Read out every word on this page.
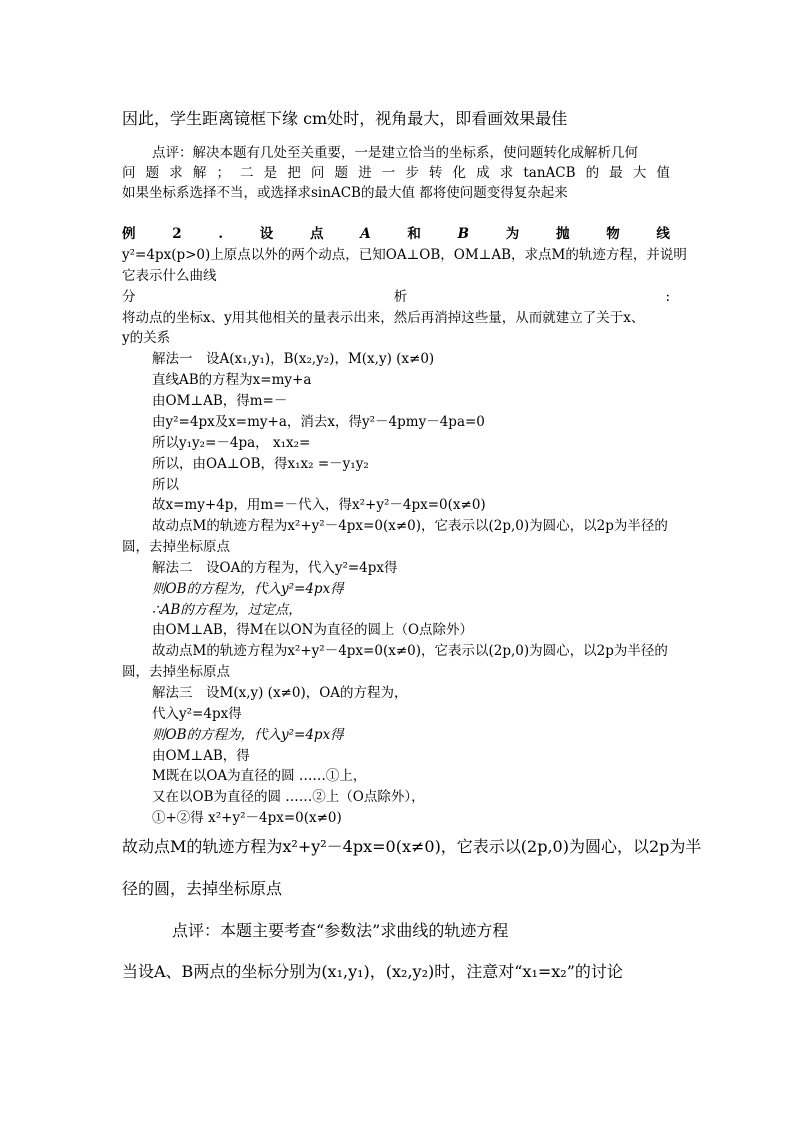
因此，学生距离镜框下缘 cm处时，视角最大，即看画效果最佳
点评：解决本题有几处至关重要，一是建立恰当的坐标系，使问题转化成解析几何
问 题 求 解 ； 二 是 把 问 题 进 一 步 转 化 成 求 tanACB 的 最 大 值
如果坐标系选择不当，或选择求sinACB的最大值 都将使问题变得复杂起来
例	2	.	设	点	A	和	B	为	抛	物	线
y²=4px(p>0)上原点以外的两个动点，已知OA⊥OB，OM⊥AB，求点M的轨迹方程，并说明
它表示什么曲线
分	析	:
将动点的坐标x、y用其他相关的量表示出来，然后再消掉这些量，从而就建立了关于x、
y的关系
解法一　设A(x₁,y₁)，B(x₂,y₂)，M(x,y) (x≠0)
直线AB的方程为x=my+a
由OM⊥AB，得m=－
由y²=4px及x=my+a，消去x，得y²－4pmy－4pa=0
所以y₁y₂=－4pa， x₁x₂=
所以，由OA⊥OB，得x₁x₂ =－y₁y₂
所以
故x=my+4p，用m=－代入，得x²+y²－4px=0(x≠0)
故动点M的轨迹方程为x²+y²－4px=0(x≠0)，它表示以(2p,0)为圆心，以2p为半径的
圆，去掉坐标原点
解法二　设OA的方程为，代入y²=4px得
则OB的方程为，代入y²=4px得
∴AB的方程为，过定点，
由OM⊥AB，得M在以ON为直径的圆上（O点除外）
故动点M的轨迹方程为x²+y²－4px=0(x≠0)，它表示以(2p,0)为圆心，以2p为半径的
圆，去掉坐标原点
解法三　设M(x,y) (x≠0)，OA的方程为，
代入y²=4px得
则OB的方程为，代入y²=4px得
由OM⊥AB，得
M既在以OA为直径的圆 ……①上，
又在以OB为直径的圆 ……②上（O点除外），
①+②得 x²+y²－4px=0(x≠0)
故动点M的轨迹方程为x²+y²－4px=0(x≠0)，它表示以(2p,0)为圆心，以2p为半
径的圆，去掉坐标原点
点评：本题主要考查“参数法”求曲线的轨迹方程
当设A、B两点的坐标分别为(x₁,y₁)，(x₂,y₂)时，注意对“x₁=x₂”的讨论
